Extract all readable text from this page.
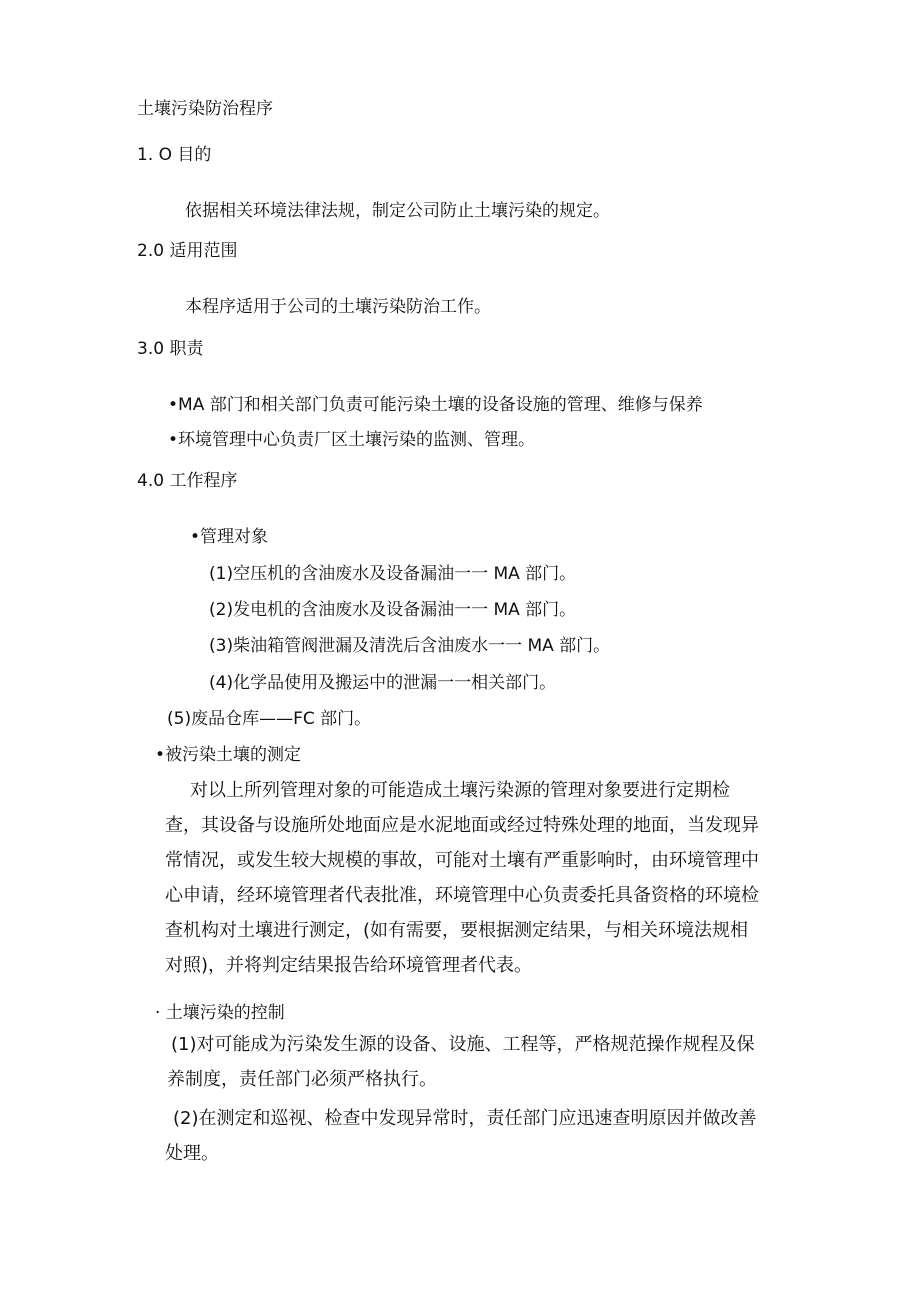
土壤污染防治程序

1. O 目的

依据相关环境法律法规，制定公司防止土壤污染的规定。

2.0 适用范围

本程序适用于公司的土壤污染防治工作。

3.0 职责

•MA 部门和相关部门负责可能污染土壤的设备设施的管理、维修与保养

•环境管理中心负责厂区土壤污染的监测、管理。

4.0 工作程序

•管理对象

(1)空压机的含油废水及设备漏油一一 MA 部门。

(2)发电机的含油废水及设备漏油一一 MA 部门。

(3)柴油箱管阀泄漏及清洗后含油废水一一 MA 部门。

(4)化学品使用及搬运中的泄漏一一相关部门。

(5)废品仓库——FC 部门。

•被污染土壤的测定

对以上所列管理对象的可能造成土壤污染源的管理对象要进行定期检
查，其设备与设施所处地面应是水泥地面或经过特殊处理的地面，当发现异
常情况，或发生较大规模的事故，可能对土壤有严重影响时，由环境管理中
心申请，经环境管理者代表批准，环境管理中心负责委托具备资格的环境检
查机构对土壤进行测定，(如有需要，要根据测定结果，与相关环境法规相
对照)，并将判定结果报告给环境管理者代表。

· 土壤污染的控制

(1)对可能成为污染发生源的设备、设施、工程等，严格规范操作规程及保
养制度，责任部门必须严格执行。
(2)在测定和巡视、检查中发现异常时，责任部门应迅速查明原因并做改善
处理。
